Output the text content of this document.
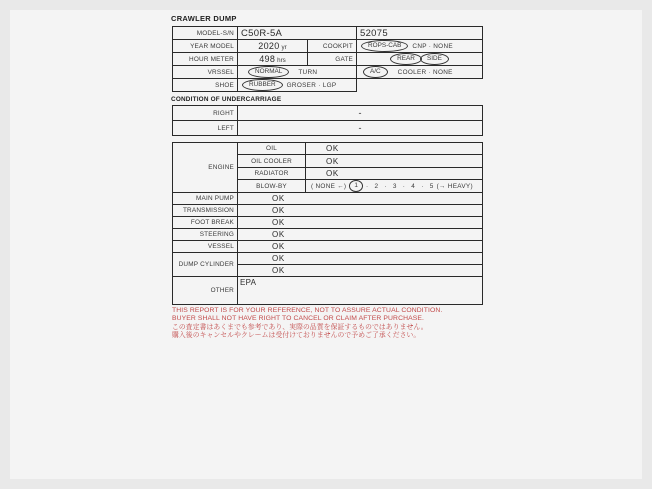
CRAWLER DUMP
MODEL-S/N	C50R-5A		52075
YEAR MODEL	2020 yr	COOKPIT	ROPS-CAB CNP · NONE

HOUR METER	498 hrs	GATE	REAR SIDE

VRSSEL	NORMAL TURN		A/C COOLER · NONE

SHOE	RUBBER GROSER · LGP		

CONDITION OF UNDERCARRIAGE
RIGHT	-
LEFT	-
ENGINE	OIL	OK
	OIL COOLER	OK
	RADIATOR	OK
	BLOW-BY	( NONE ←) 1 · 2 · 3 · 4 · 5 (→ HEAVY)

MAIN PUMP	OK	
TRANSMISSION	OK	
FOOT BREAK	OK	
STEERING	OK	
VESSEL	OK	
DUMP CYLINDER	OK	
	OK	
OTHER	EPA	
THIS REPORT IS FOR YOUR REFERENCE, NOT TO ASSURE ACTUAL CONDITION.
BUYER SHALL NOT HAVE RIGHT TO CANCEL OR CLAIM AFTER PURCHASE.
この査定書はあくまでも参考であり、実際の品質を保証するものではありません。
購入後のキャンセルやクレームは受付けておりませんので予めご了承ください。
